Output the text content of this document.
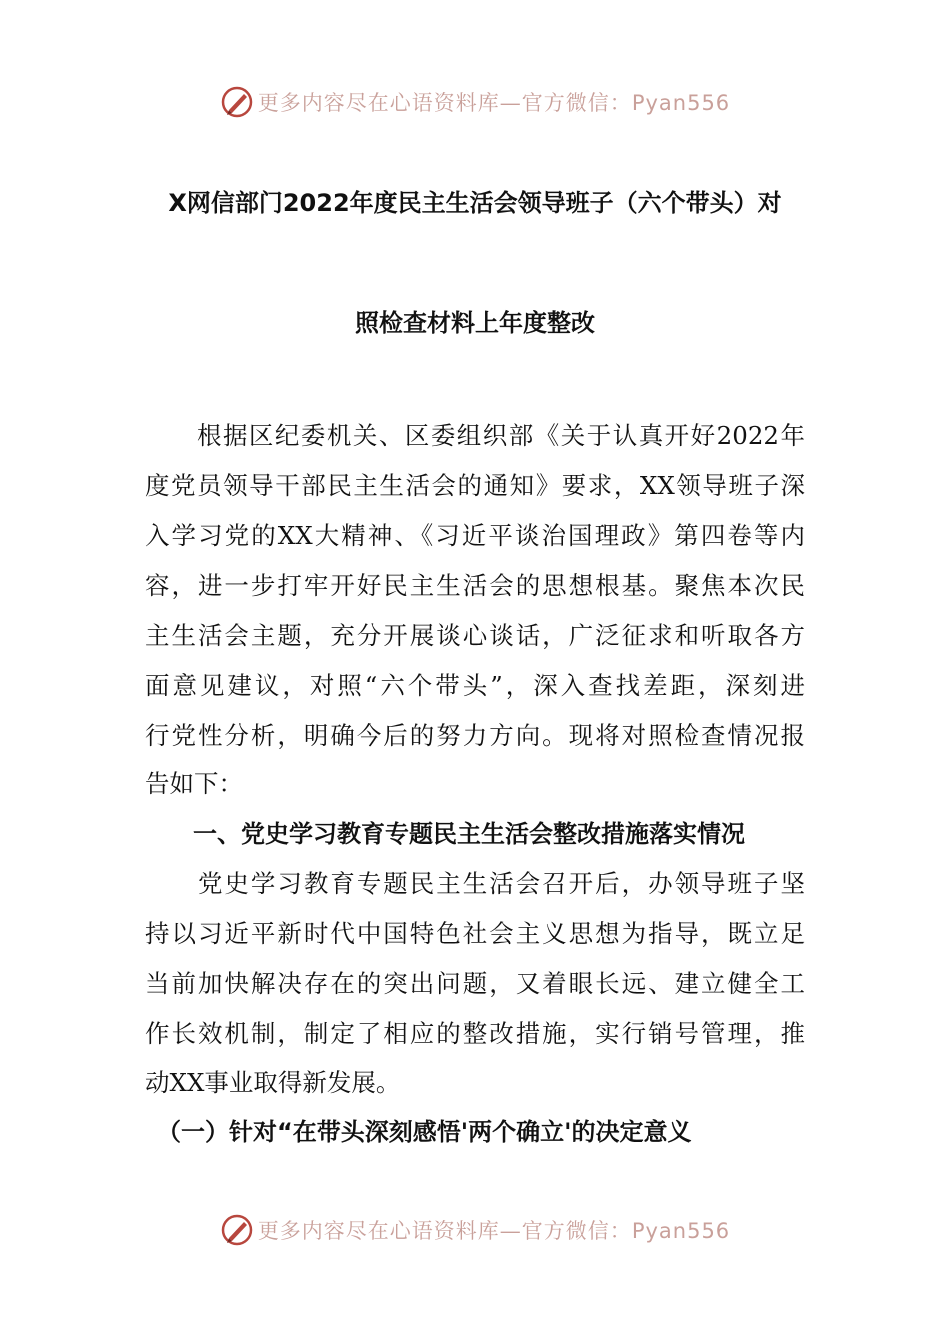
更多内容尽在心语资料库—官方微信：Pyan556
X网信部门2022年度民主生活会领导班子（六个带头）对
照检查材料上年度整改
　　根据区纪委机关、区委组织部《关于认真开好2022年
度党员领导干部民主生活会的通知》要求，XX领导班子深
入学习党的XX大精神、《习近平谈治国理政》第四卷等内
容，进一步打牢开好民主生活会的思想根基。聚焦本次民
主生活会主题，充分开展谈心谈话，广泛征求和听取各方
面意见建议，对照“六个带头”，深入查找差距，深刻进
行党性分析，明确今后的努力方向。现将对照检查情况报
告如下：
　　一、党史学习教育专题民主生活会整改措施落实情况
　　党史学习教育专题民主生活会召开后，办领导班子坚
持以习近平新时代中国特色社会主义思想为指导，既立足
当前加快解决存在的突出问题，又着眼长远、建立健全工
作长效机制，制定了相应的整改措施，实行销号管理，推
动XX事业取得新发展。
　（一）针对“在带头深刻感悟'两个确立'的决定意义
更多内容尽在心语资料库—官方微信：Pyan556
